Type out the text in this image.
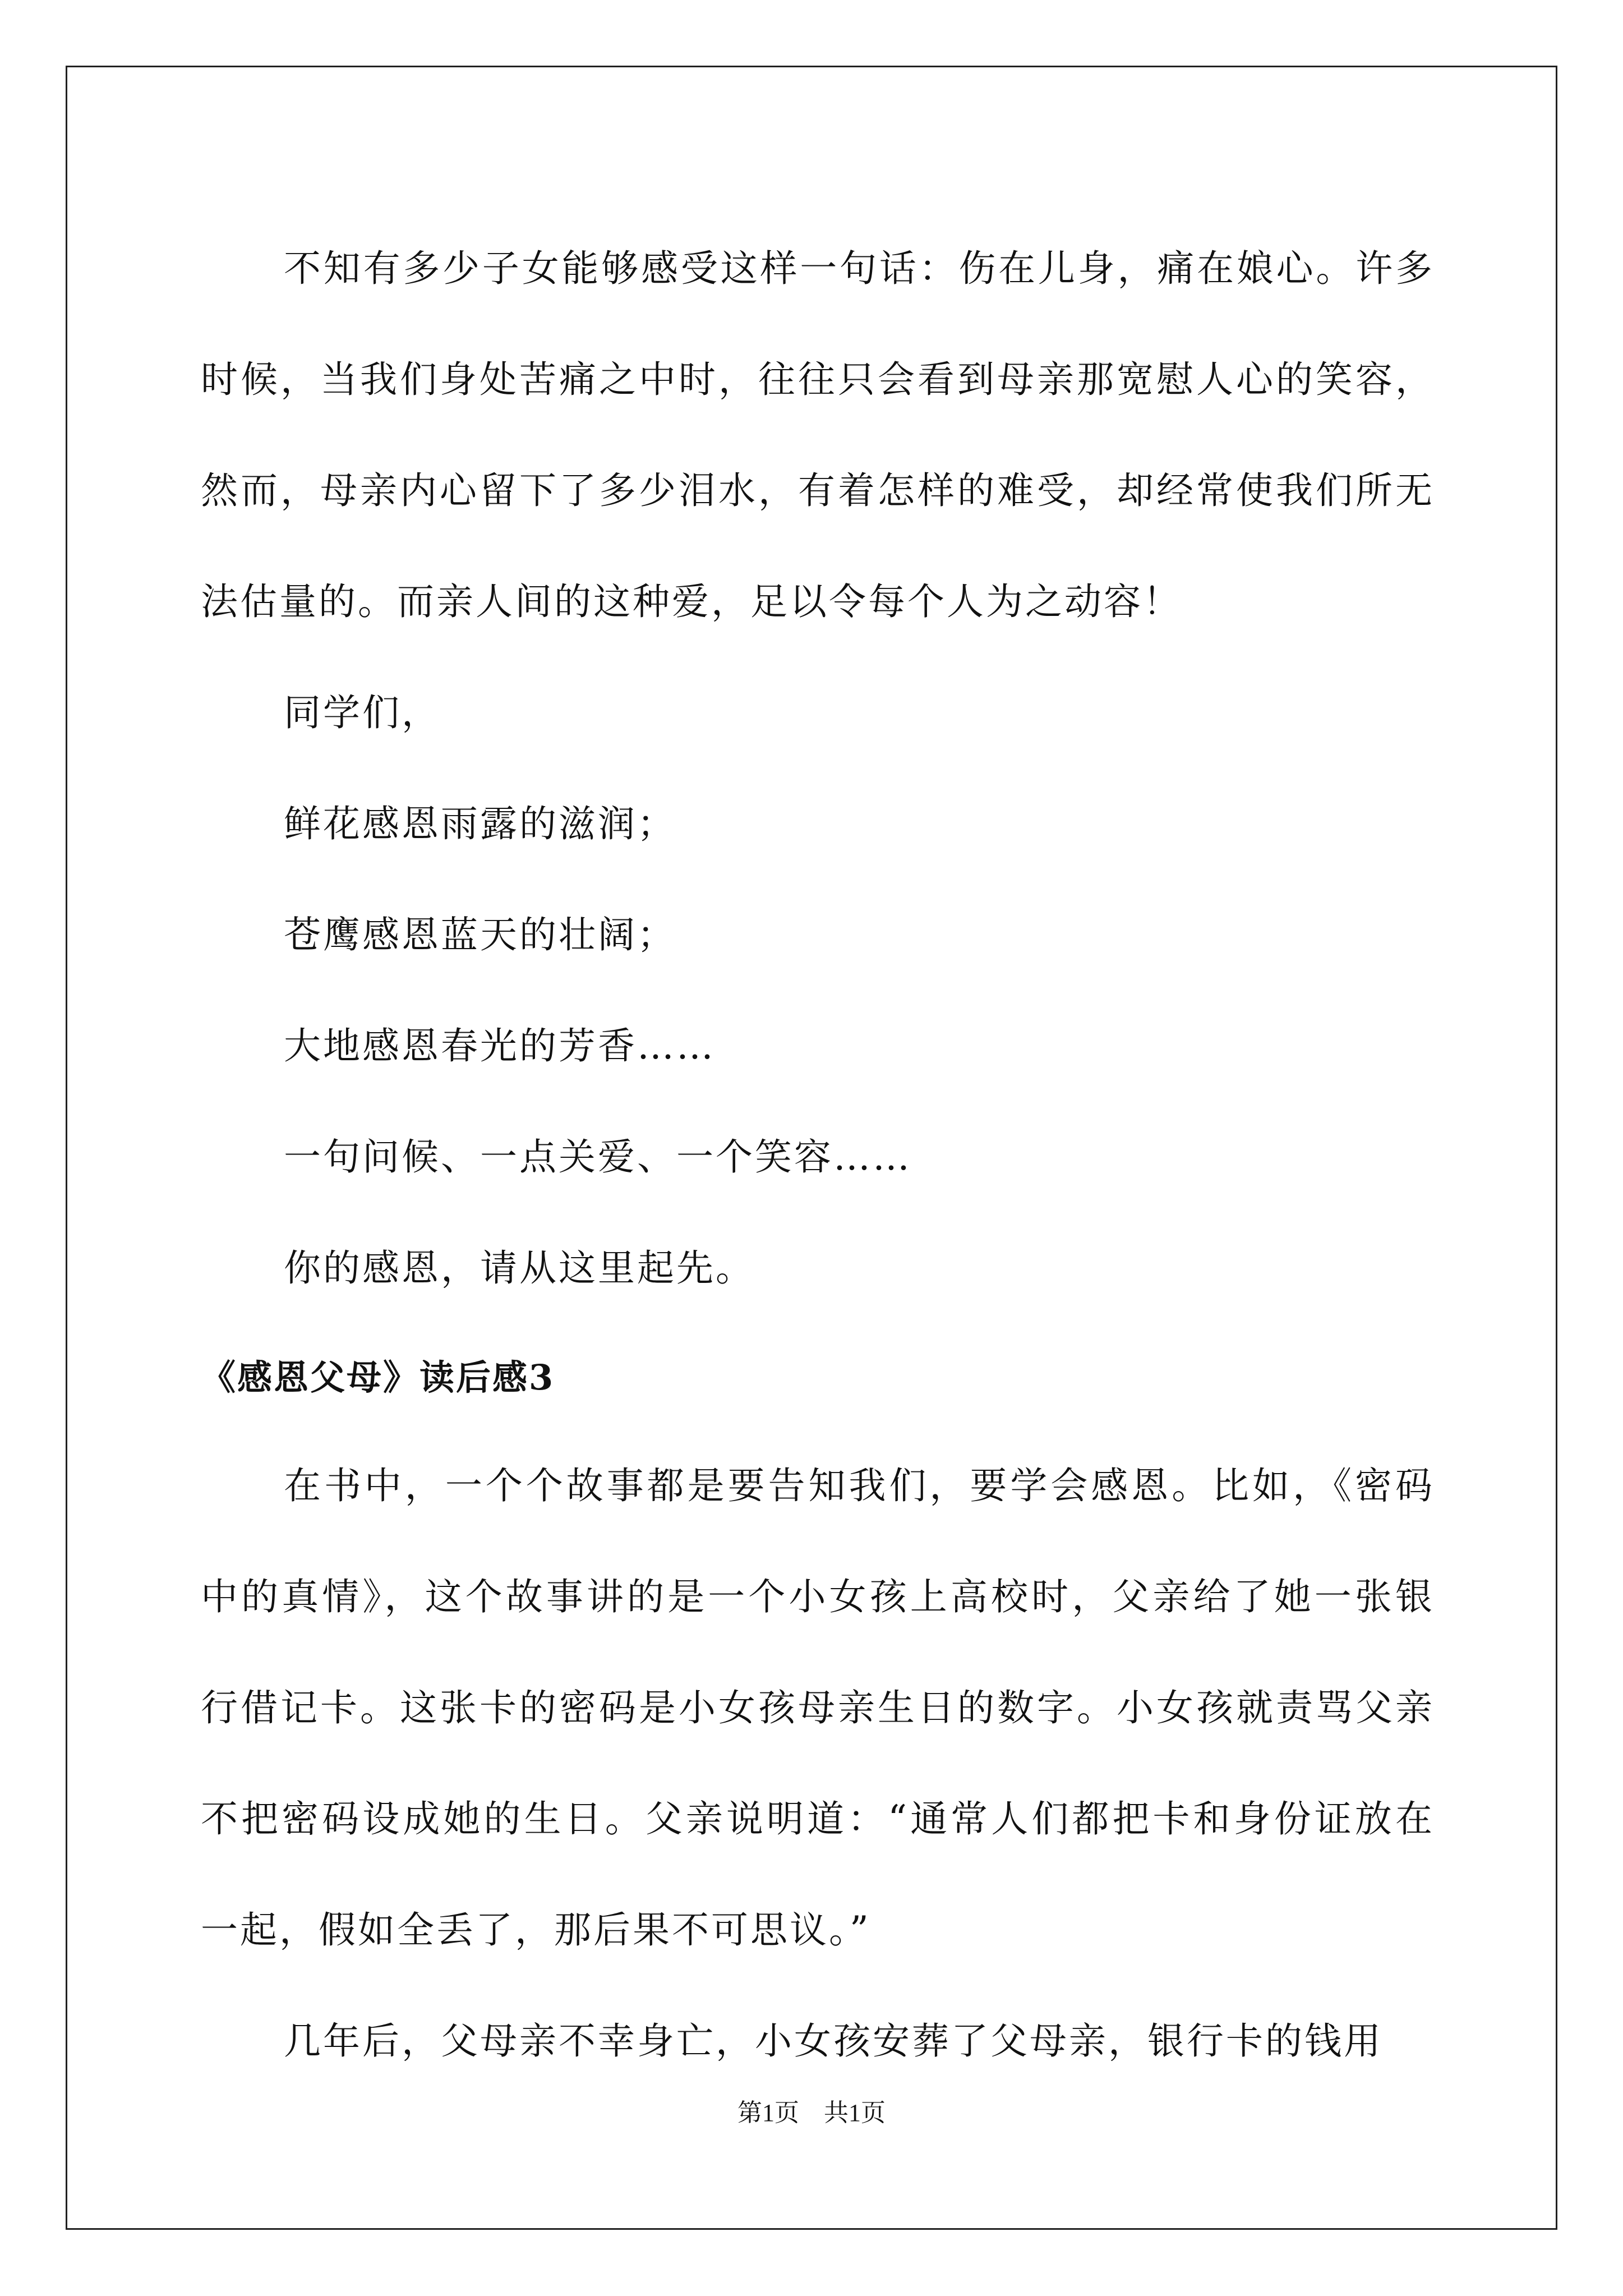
不知有多少子女能够感受这样一句话：伤在儿身，痛在娘心。许多时候，当我们身处苦痛之中时，往往只会看到母亲那宽慰人心的笑容，然而，母亲内心留下了多少泪水，有着怎样的难受，却经常使我们所无法估量的。而亲人间的这种爱，足以令每个人为之动容！

同学们，

鲜花感恩雨露的滋润；

苍鹰感恩蓝天的壮阔；

大地感恩春光的芳香……

一句问候、一点关爱、一个笑容……

你的感恩，请从这里起先。

《感恩父母》读后感3

在书中，一个个故事都是要告知我们，要学会感恩。比如，《密码中的真情》，这个故事讲的是一个小女孩上高校时，父亲给了她一张银行借记卡。这张卡的密码是小女孩母亲生日的数字。小女孩就责骂父亲不把密码设成她的生日。父亲说明道：“通常人们都把卡和身份证放在一起，假如全丢了，那后果不可思议。”

几年后，父母亲不幸身亡，小女孩安葬了父母亲，银行卡的钱用

第1页 共1页
